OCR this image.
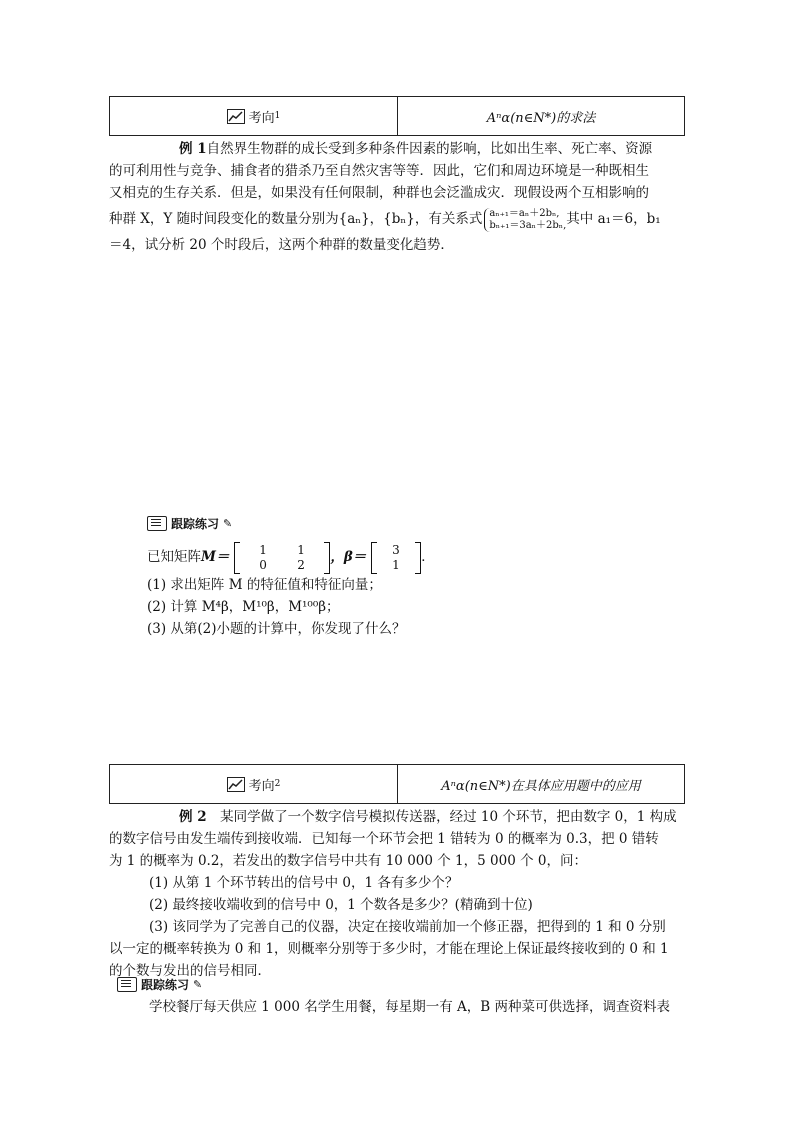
考向 1	Aⁿα(n∈N*)的求法

例 1自然界生物群的成长受到多种条件因素的影响，比如出生率、死亡率、资源

的可利用性与竞争、捕食者的猎杀乃至自然灾害等等．因此，它们和周边环境是一种既相生

又相克的生存关系．但是，如果没有任何限制，种群也会泛滥成灾．现假设两个互相影响的

种群 X，Y 随时间段变化的数量分别为{aₙ}，{bₙ}，有关系式 aₙ₊₁＝aₙ＋2bₙ,
bₙ₊₁＝3aₙ＋2bₙ,其中 a₁＝6，b₁

＝4，试分析 20 个时段后，这两个种群的数量变化趋势．

跟踪练习 ✎

已知矩阵M＝	1	1
0	2	，β＝	3
1	．

(1) 求出矩阵 M 的特征值和特征向量；

(2) 计算 M⁴β，M¹⁰β，M¹⁰⁰β；

(3) 从第(2)小题的计算中，你发现了什么？

考向 2	Aⁿα(n∈N*)在具体应用题中的应用

例 2　 某同学做了一个数字信号模拟传送器，经过 10 个环节，把由数字 0，1 构成

的数字信号由发生端传到接收端．已知每一个环节会把 1 错转为 0 的概率为 0.3，把 0 错转

为 1 的概率为 0.2，若发出的数字信号中共有 10 000 个 1，5 000 个 0，问：

(1) 从第 1 个环节转出的信号中 0，1 各有多少个？

(2) 最终接收端收到的信号中 0，1 个数各是多少？(精确到十位)

(3) 该同学为了完善自己的仪器，决定在接收端前加一个修正器，把得到的 1 和 0 分别

以一定的概率转换为 0 和 1，则概率分别等于多少时，才能在理论上保证最终接收到的 0 和 1

的个数与发出的信号相同．

跟踪练习 ✎

学校餐厅每天供应 1 000 名学生用餐，每星期一有 A，B 两种菜可供选择，调查资料表
